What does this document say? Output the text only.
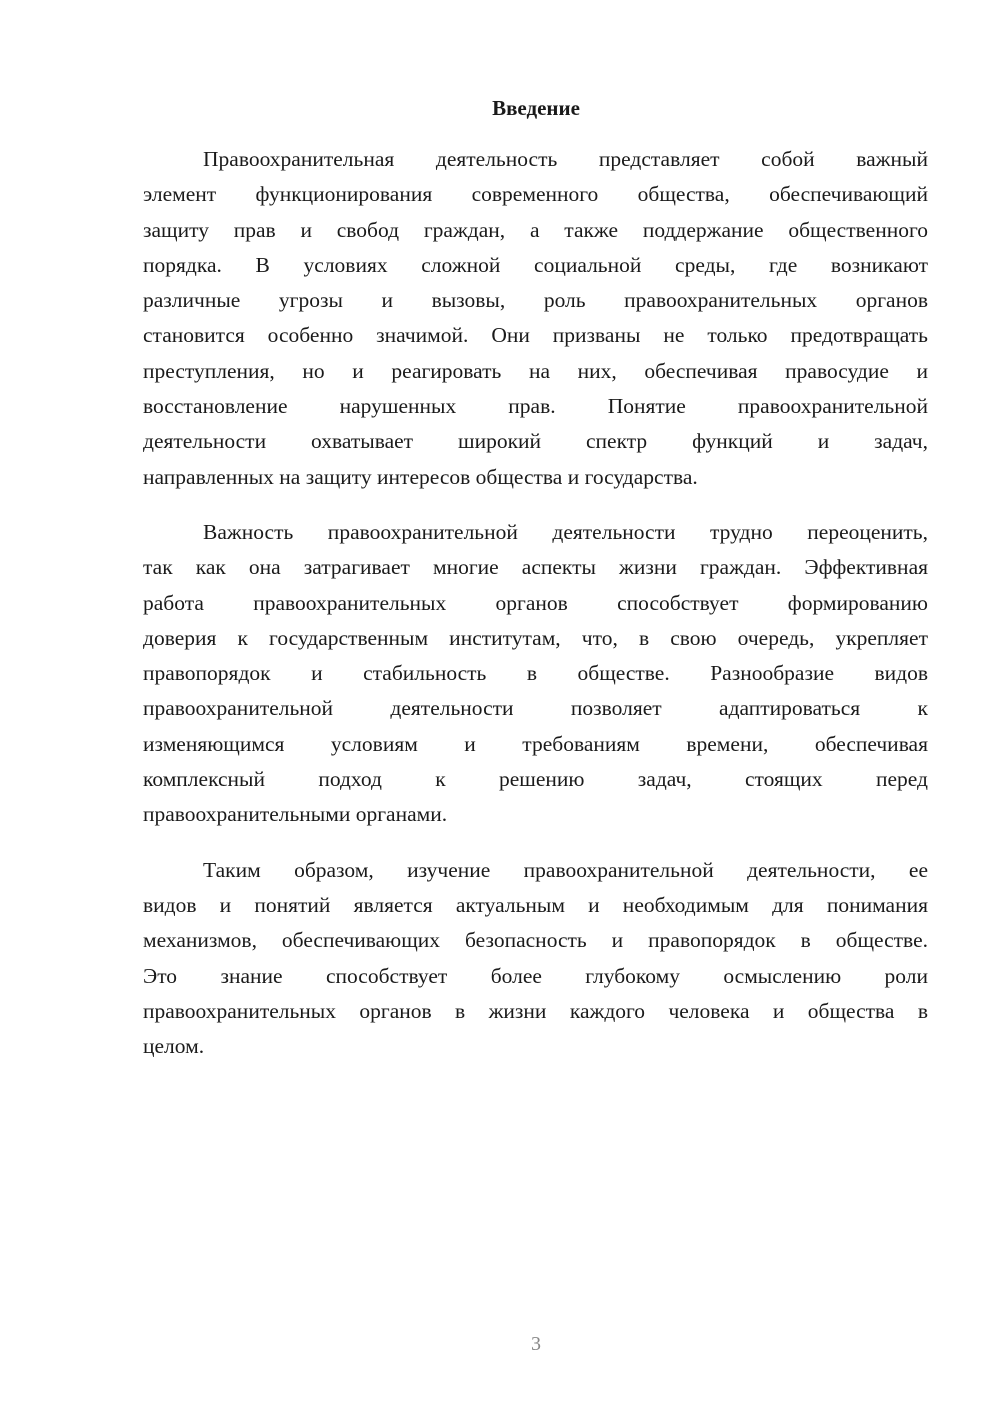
Введение
Правоохранительная деятельность представляет собой важный
элемент функционирования современного общества, обеспечивающий
защиту прав и свобод граждан, а также поддержание общественного
порядка. В условиях сложной социальной среды, где возникают
различные угрозы и вызовы, роль правоохранительных органов
становится особенно значимой. Они призваны не только предотвращать
преступления, но и реагировать на них, обеспечивая правосудие и
восстановление нарушенных прав. Понятие правоохранительной
деятельности охватывает широкий спектр функций и задач,
направленных на защиту интересов общества и государства.
Важность правоохранительной деятельности трудно переоценить,
так как она затрагивает многие аспекты жизни граждан. Эффективная
работа правоохранительных органов способствует формированию
доверия к государственным институтам, что, в свою очередь, укрепляет
правопорядок и стабильность в обществе. Разнообразие видов
правоохранительной деятельности позволяет адаптироваться к
изменяющимся условиям и требованиям времени, обеспечивая
комплексный подход к решению задач, стоящих перед
правоохранительными органами.
Таким образом, изучение правоохранительной деятельности, ее
видов и понятий является актуальным и необходимым для понимания
механизмов, обеспечивающих безопасность и правопорядок в обществе.
Это знание способствует более глубокому осмыслению роли
правоохранительных органов в жизни каждого человека и общества в
целом.
3
